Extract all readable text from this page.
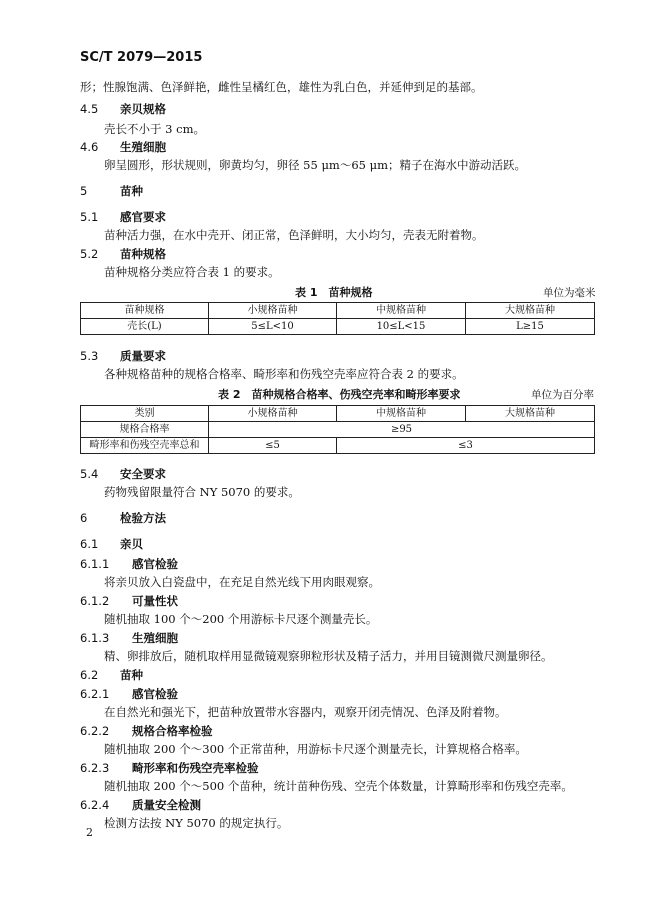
SC/T 2079—2015
形；性腺饱满、色泽鲜艳，雌性呈橘红色，雄性为乳白色，并延伸到足的基部。
4.5 亲贝规格
壳长不小于 3 cm。
4.6 生殖细胞
卵呈圆形，形状规则，卵黄均匀，卵径 55 μm～65 μm；精子在海水中游动活跃。
5	苗种
5.1 感官要求
苗种活力强，在水中壳开、闭正常，色泽鲜明，大小均匀，壳表无附着物。
5.2 苗种规格
苗种规格分类应符合表 1 的要求。
表 1　苗种规格	单位为毫米
苗种规格	小规格苗种	中规格苗种	大规格苗种
壳长(L)	5≤L<10	10≤L<15	L≥15
5.3 质量要求
各种规格苗种的规格合格率、畸形率和伤残空壳率应符合表 2 的要求。
表 2　苗种规格合格率、伤残空壳率和畸形率要求	单位为百分率
类别	小规格苗种	中规格苗种	大规格苗种
规格合格率	≥95		
畸形率和伤残空壳率总和	≤5	≤3	
5.4 安全要求
药物残留限量符合 NY 5070 的要求。
6	检验方法
6.1 亲贝
6.1.1 感官检验
将亲贝放入白瓷盘中，在充足自然光线下用肉眼观察。
6.1.2 可量性状
随机抽取 100 个～200 个用游标卡尺逐个测量壳长。
6.1.3 生殖细胞
精、卵排放后，随机取样用显微镜观察卵粒形状及精子活力，并用目镜测微尺测量卵径。
6.2 苗种
6.2.1 感官检验
在自然光和强光下，把苗种放置带水容器内，观察开闭壳情况、色泽及附着物。
6.2.2 规格合格率检验
随机抽取 200 个～300 个正常苗种，用游标卡尺逐个测量壳长，计算规格合格率。
6.2.3 畸形率和伤残空壳率检验
随机抽取 200 个～500 个苗种，统计苗种伤残、空壳个体数量，计算畸形率和伤残空壳率。
6.2.4 质量安全检测
检测方法按 NY 5070 的规定执行。
2
